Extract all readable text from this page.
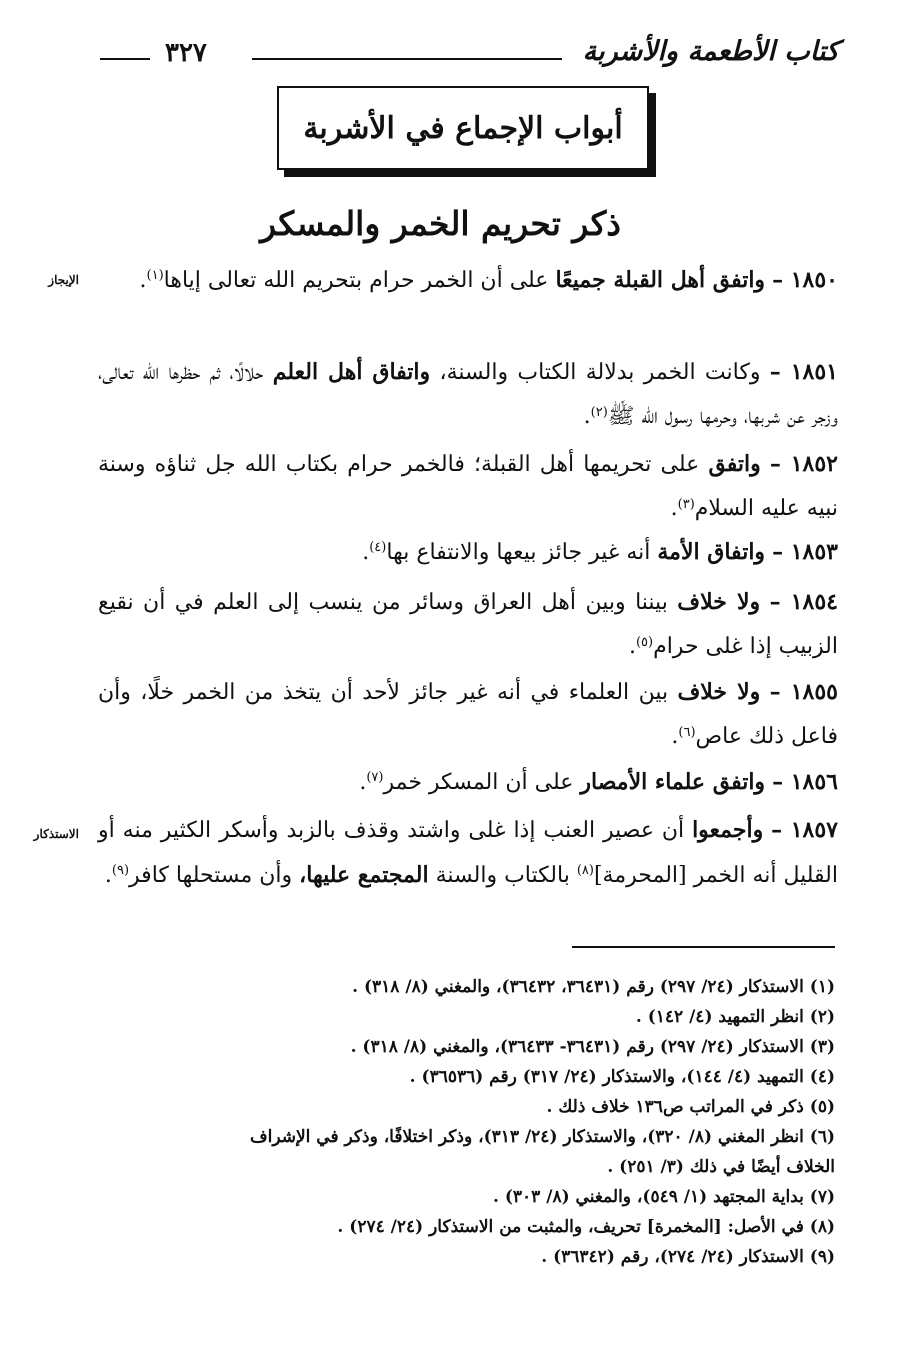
كتاب الأطعمة والأشربة
٣٢٧
أبواب الإجماع في الأشربة
ذكر تحريم الخمر والمسكر
الإيجاز
الاستذكار

١٨٥٠ – واتفق أهل القبلة جميعًا على أن الخمر حرام بتحريم الله تعالى إياها$^{(١)}$.

١٨٥١ – وكانت الخمر بدلالة الكتاب والسنة، واتفاق أهل العلم حلالًا، ثم حظرها الله تعالى، وزجر عن شربها، وحرمها رسول الله ﷺ$^{(٢)}$.

١٨٥٢ – واتفق على تحريمها أهل القبلة؛ فالخمر حرام بكتاب الله جل ثناؤه وسنة نبيه عليه السلام$^{(٣)}$.

١٨٥٣ – واتفاق الأمة أنه غير جائز بيعها والانتفاع بها$^{(٤)}$.

١٨٥٤ – ولا خلاف بيننا وبين أهل العراق وسائر من ينسب إلى العلم في أن نقيع الزبيب إذا غلى حرام$^{(٥)}$.

١٨٥٥ – ولا خلاف بين العلماء في أنه غير جائز لأحد أن يتخذ من الخمر خلًا، وأن فاعل ذلك عاص$^{(٦)}$.

١٨٥٦ – واتفق علماء الأمصار على أن المسكر خمر$^{(٧)}$.

١٨٥٧ – وأجمعوا أن عصير العنب إذا غلى واشتد وقذف بالزبد وأسكر الكثير منه أو القليل أنه الخمر [المحرمة]$^{(٨)}$ بالكتاب والسنة المجتمع عليها، وأن مستحلها كافر$^{(٩)}$.

(١) الاستذكار (٢٤/ ٢٩٧) رقم (٣٦٤٣١، ٣٦٤٣٢)، والمغني (٨/ ٣١٨) .
(٢) انظر التمهيد (٤/ ١٤٢) .
(٣) الاستذكار (٢٤/ ٢٩٧) رقم (٣٦٤٣١- ٣٦٤٣٣)، والمغني (٨/ ٣١٨) .
(٤) التمهيد (٤/ ١٤٤)، والاستذكار (٢٤/ ٣١٧) رقم (٣٦٥٣٦) .
(٥) ذكر في المراتب ص١٣٦ خلاف ذلك .
(٦) انظر المغني (٨/ ٣٢٠)، والاستذكار (٢٤/ ٣١٣)، وذكر اختلافًا، وذكر في الإشراف
الخلاف أيضًا في ذلك (٣/ ٢٥١) .
(٧) بداية المجتهد (١/ ٥٤٩)، والمغني (٨/ ٣٠٣) .
(٨) في الأصل: [المخمرة] تحريف، والمثبت من الاستذكار (٢٤/ ٢٧٤) .
(٩) الاستذكار (٢٤/ ٢٧٤)، رقم (٣٦٣٤٢) .
